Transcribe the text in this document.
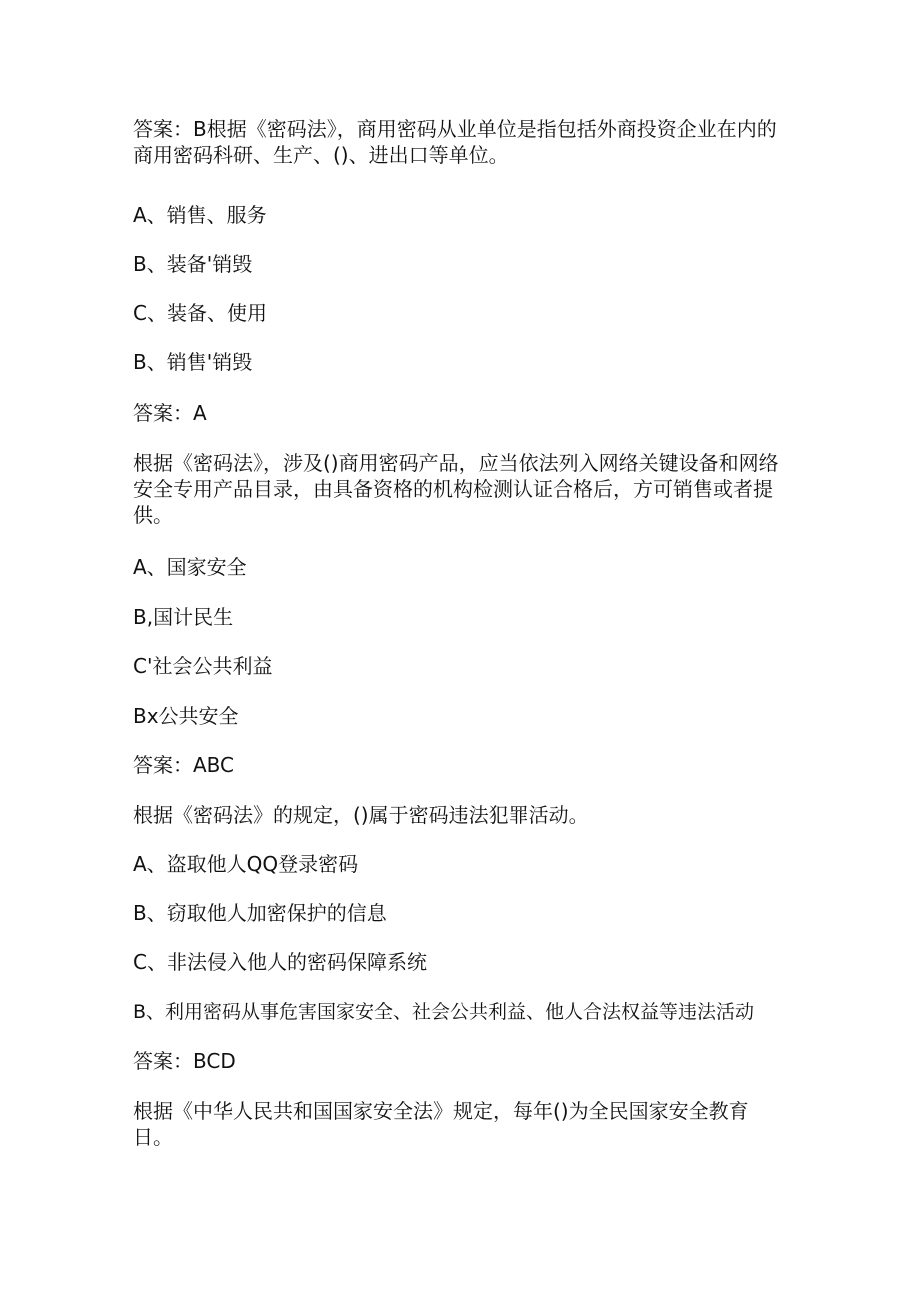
答案：B根据《密码法》，商用密码从业单位是指包括外商投资企业在内的商用密码科研、生产、()、进出口等单位。

A、销售、服务

B、装备'销毁

C、装备、使用

B、销售'销毁

答案：A

根据《密码法》，涉及()商用密码产品，应当依法列入网络关键设备和网络安全专用产品目录，由具备资格的机构检测认证合格后，方可销售或者提供。

A、国家安全

B,国计民生

C'社会公共利益

Bx公共安全

答案：ABC

根据《密码法》的规定，()属于密码违法犯罪活动。

A、盗取他人QQ登录密码

B、窃取他人加密保护的信息

C、非法侵入他人的密码保障系统

B、利用密码从事危害国家安全、社会公共利益、他人合法权益等违法活动

答案：BCD

根据《中华人民共和国国家安全法》规定，每年()为全民国家安全教育日。
